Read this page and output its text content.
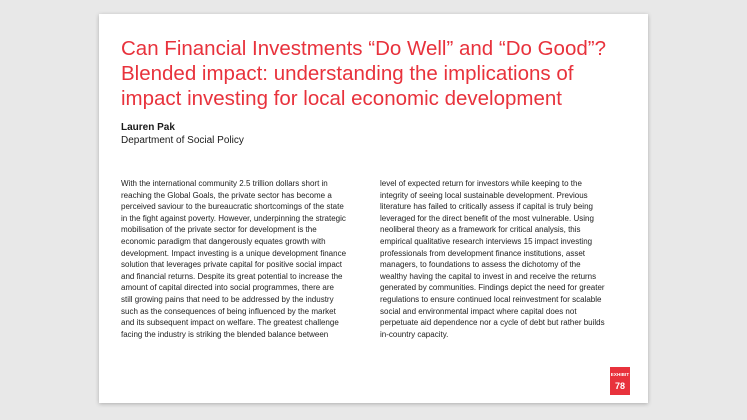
Can Financial Investments “Do Well” and “Do Good”?
Blended impact: understanding the implications of
impact investing for local economic development
Lauren Pak
Department of Social Policy
With the international community 2.5 trillion dollars short in
reaching the Global Goals, the private sector has become a
perceived saviour to the bureaucratic shortcomings of the state
in the fight against poverty. However, underpinning the strategic
mobilisation of the private sector for development is the
economic paradigm that dangerously equates growth with
development. Impact investing is a unique development finance
solution that leverages private capital for positive social impact
and financial returns. Despite its great potential to increase the
amount of capital directed into social programmes, there are
still growing pains that need to be addressed by the industry
such as the consequences of being influenced by the market
and its subsequent impact on welfare. The greatest challenge
facing the industry is striking the blended balance between
level of expected return for investors while keeping to the
integrity of seeing local sustainable development. Previous
literature has failed to critically assess if capital is truly being
leveraged for the direct benefit of the most vulnerable. Using
neoliberal theory as a framework for critical analysis, this
empirical qualitative research interviews 15 impact investing
professionals from development finance institutions, asset
managers, to foundations to assess the dichotomy of the
wealthy having the capital to invest in and receive the returns
generated by communities. Findings depict the need for greater
regulations to ensure continued local reinvestment for scalable
social and environmental impact where capital does not
perpetuate aid dependence nor a cycle of debt but rather builds
in-country capacity.
EXHIBIT
78
